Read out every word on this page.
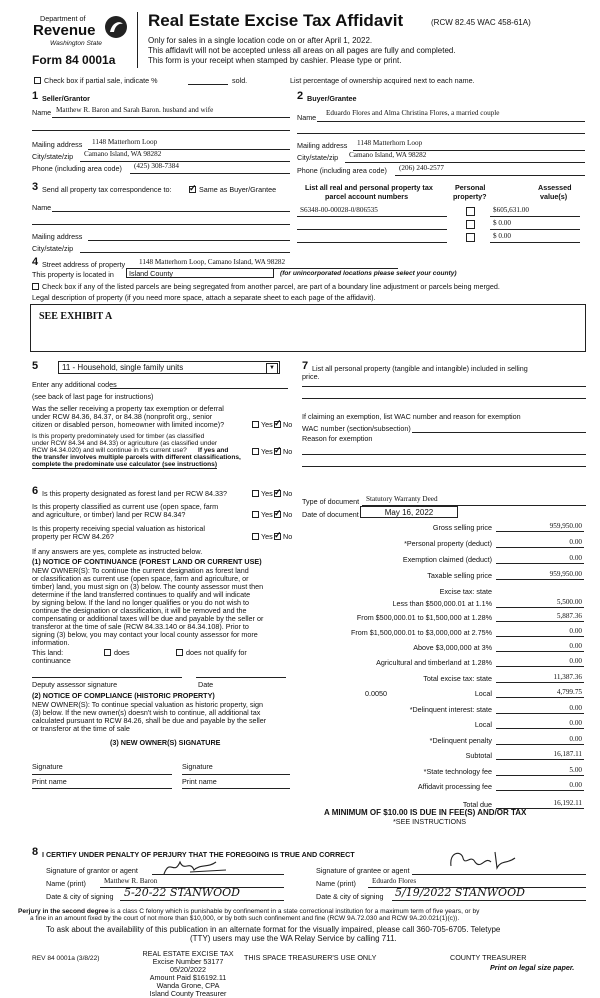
Department of
Revenue
Washington State
Form 84 0001a
Real Estate Excise Tax Affidavit	(RCW 82.45 WAC 458-61A)
Only for sales in a single location code on or after April 1, 2022.
This affidavit will not be accepted unless all areas on all pages are fully and completed.
This form is your receipt when stamped by cashier. Please type or print.
Check box if partial sale, indicate %	sold.	List percentage of ownership acquired next to each name.
1 Seller/Grantor
Name Matthew R. Baron and Sarah Baron. husband and wife
Mailing address 1148 Matterhorn Loop
City/state/zip Camano Island, WA 98282
Phone (including area code) (425) 308-7384
2 Buyer/Grantee
Name Eduardo Flores and Alma Christina Flores, a married couple
Mailing address 1148 Matterhorn Loop
City/state/zip Camano Island, WA 98282
Phone (including area code) (206) 240-2577
3 Send all property tax correspondence to: ✓	Same as Buyer/Grantee
Name
Mailing address
City/state/zip
List all real and personal property tax
parcel account numbers
Personal
property?
Assessed
value(s)
S6348-00-00028-0/806535	$605,631.00
$ 0.00
$ 0.00
4 Street address of property 1148 Matterhorn Loop, Camano Island, WA 98282
This property is located in	Island County	(for unincorporated locations please select your county)
Check box if any of the listed parcels are being segregated from another parcel, are part of a boundary line adjustment or parcels being merged.
Legal description of property (if you need more space, attach a separate sheet to each page of the affidavit).
SEE EXHIBIT A
5	11 - Household, single family units	▼
Enter any additional codes
(see back of last page for instructions)
Was the seller receiving a property tax exemption or deferral
under RCW 84.36, 84.37, or 84.38 (nonprofit org., senior
citizen or disabled person, homeowner with limited income)?	Yes ✓ No
Is this property predominately used for timber (as classified
under RCW 84.34 and 84.33) or agriculture (as classified under
RCW 84.34.020) and will continue in it's current use? If yes and
the transfer involves multiple parcels with different classifications,
complete the predominate use calculator (see instructions)
Yes ✓ No
7 List all personal property (tangible and intangible) included in selling
price.
If claiming an exemption, list WAC number and reason for exemption
WAC number (section/subsection)
Reason for exemption
6 Is this property designated as forest land per RCW 84.33?	Yes ✓ No
Is this property classified as current use (open space, farm
and agriculture, or timber) land per RCW 84.34?	Yes ✓ No
Is this property receiving special valuation as historical
property per RCW 84.26?	Yes ✓ No
If any answers are yes, complete as instructed below.
(1) NOTICE OF CONTINUANCE (FOREST LAND OR CURRENT USE)
NEW OWNER(S): To continue the current designation as forest land
or classification as current use (open space, farm and agriculture, or
timber) land, you must sign on (3) below. The county assessor must then
determine if the land transferred continues to qualify and will indicate
by signing below. If the land no longer qualifies or you do not wish to
continue the designation or classification, it will be removed and the
compensating or additional taxes will be due and payable by the seller or
transferor at the time of sale (RCW 84.33.140 or 84.34.108). Prior to
signing (3) below, you may contact your local county assessor for more
information.
This land:
continuance
does	does not qualify for
Deputy assessor signature	Date
(2) NOTICE OF COMPLIANCE (HISTORIC PROPERTY)
NEW OWNER(S): To continue special valuation as historic property, sign
(3) below. If the new owner(s) doesn't wish to continue, all additional tax
calculated pursuant to RCW 84.26, shall be due and payable by the seller
or transferor at the time of sale
(3) NEW OWNER(S) SIGNATURE
Signature	Signature
Print name	Print name
Type of document Statutory Warranty Deed
Date of document	May 16, 2022
Gross selling price	959,950.00
*Personal property (deduct)	0.00
Exemption claimed (deduct)	0.00
Taxable selling price	959,950.00
Excise tax: state
Less than $500,000.01 at 1.1%	5,500.00
From $500,000.01 to $1,500,000 at 1.28%	5,887.36
From $1,500,000.01 to $3,000,000 at 2.75%	0.00
Above $3,000,000 at 3%	0.00
Agricultural and timberland at 1.28%	0.00
Total excise tax: state	11,387.36
Local	4,799.75
*Delinquent interest: state	0.00
Local	0.00
*Delinquent penalty	0.00
Subtotal	16,187.11
*State technology fee	5.00
Affidavit processing fee	0.00
Total due	16,192.11
0.0050
A MINIMUM OF $10.00 IS DUE IN FEE(S) AND/OR TAX
*SEE INSTRUCTIONS
8 I CERTIFY UNDER PENALTY OF PERJURY THAT THE FOREGOING IS TRUE AND CORRECT
Signature of grantor or agent
Name (print)	Matthew R. Baron
Date & city of signing 5-20-22 STANWOOD
Signature of grantee or agent
Name (print) Eduardo Flores
Date & city of signing 5/19/2022 STANWOOD
Perjury in the second degree is a class C felony which is punishable by confinement in a state correctional institution for a maximum term of five years, or by
a fine in an amount fixed by the court of not more than $10,000, or by both such confinement and fine (RCW 9A.72.030 and RCW 9A.20.021(1)(c)).
To ask about the availability of this publication in an alternate format for the visually impaired, please call 360-705-6705. Teletype
(TTY) users may use the WA Relay Service by calling 711.
REV 84 0001a (3/8/22)
REAL ESTATE EXCISE TAX
Excise Number 53177
05/20/2022
Amount Paid $16192.11
Wanda Grone, CPA
Island County Treasurer
THIS SPACE TREASURER'S USE ONLY	COUNTY TREASURER
Print on legal size paper.
